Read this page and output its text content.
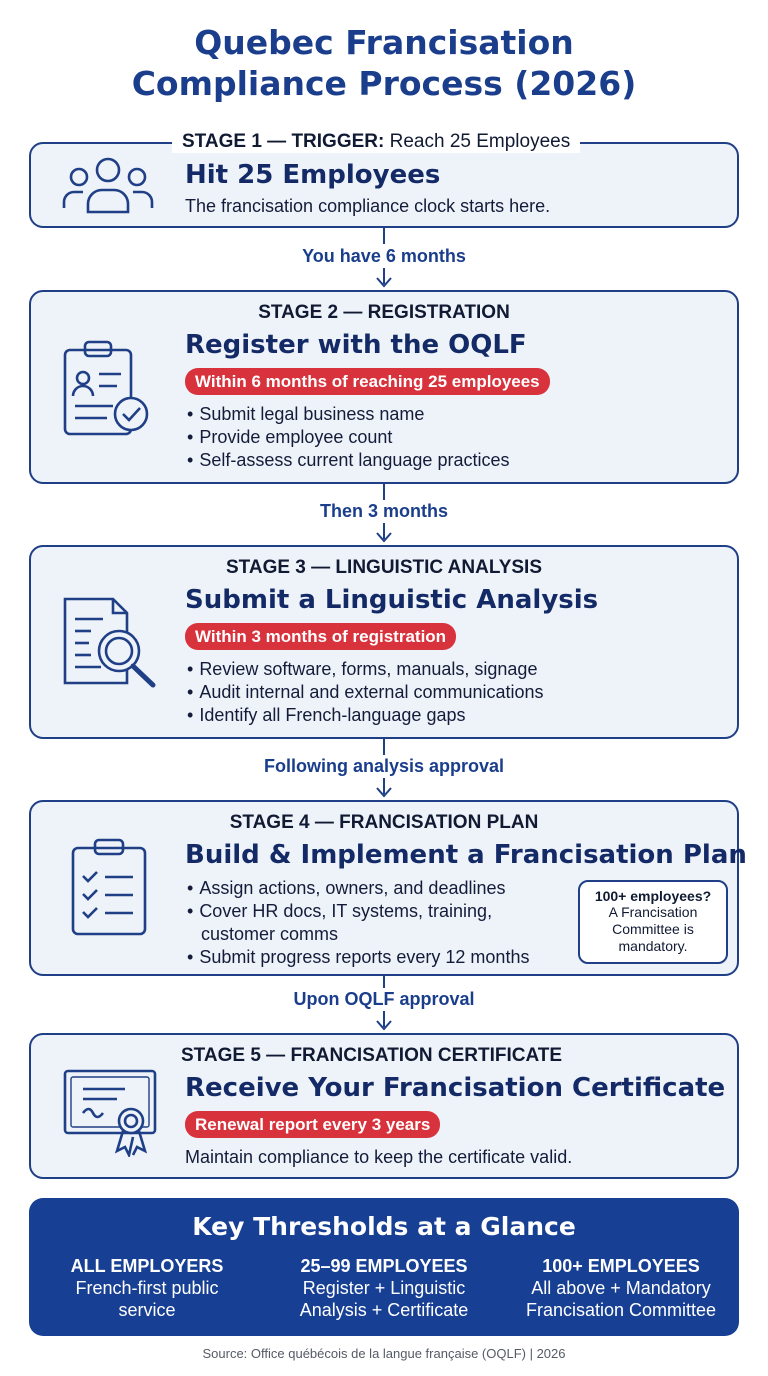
Quebec Francisation
Compliance Process (2026)
Hit 25 Employees
The francisation compliance clock starts here.
STAGE 1 — TRIGGER: Reach 25 Employees
You have 6 months
STAGE 2 — REGISTRATION
Register with the OQLF
Within 6 months of reaching 25 employees
• Submit legal business name
• Provide employee count
• Self-assess current language practices
Then 3 months
STAGE 3 — LINGUISTIC ANALYSIS
Submit a Linguistic Analysis
Within 3 months of registration
• Review software, forms, manuals, signage
• Audit internal and external communications
• Identify all French-language gaps
Following analysis approval
STAGE 4 — FRANCISATION PLAN
Build & Implement a Francisation Plan
• Assign actions, owners, and deadlines
• Cover HR docs, IT systems, training,
customer comms
• Submit progress reports every 12 months
100+ employees?
A Francisation
Committee is
mandatory.
Upon OQLF approval
STAGE 5 — FRANCISATION CERTIFICATE
Receive Your Francisation Certificate
Renewal report every 3 years
Maintain compliance to keep the certificate valid.
Key Thresholds at a Glance
ALL EMPLOYERS
French-first public
service
25–99 EMPLOYEES
Register + Linguistic
Analysis + Certificate
100+ EMPLOYEES
All above + Mandatory
Francisation Committee
Source: Office québécois de la langue française (OQLF) | 2026
